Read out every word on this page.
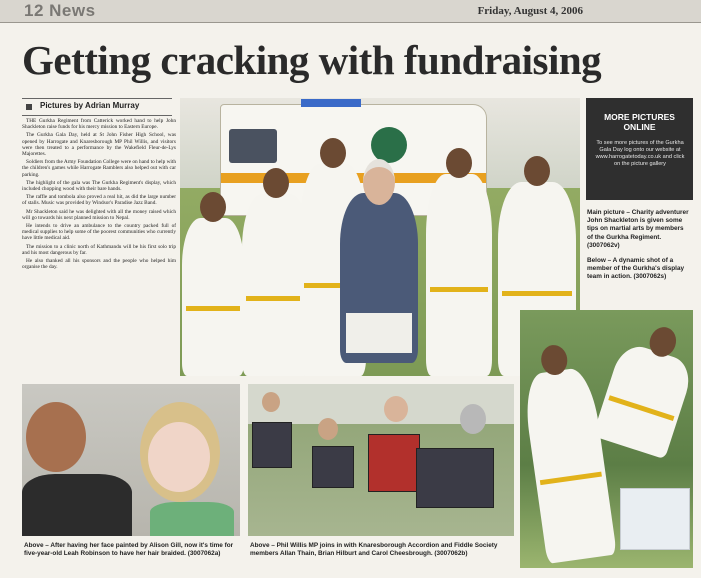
12 News	Friday, August 4, 2006
Getting cracking with fundraising
Pictures by Adrian Murray

THE Gurkha Regiment from Catterick worked hand to help John Shackleton raise funds for his mercy mission to Eastern Europe.

The Gurkha Gala Day, held at St John Fisher High School, was opened by Harrogate and Knaresborough MP Phil Willis, and visitors were then treated to a performance by the Wakefield Fleur-de-Lys Majorettes.

Soldiers from the Army Foundation College were on hand to help with the children's games while Harrogate Ramblers also helped out with car parking.

The highlight of the gala was The Gurkha Regiment's display, which included chopping wood with their bare hands.

The raffle and tombola also proved a real hit, as did the large number of stalls. Music was provided by Windsor's Paradise Jazz Band.

Mr Shackleton said he was delighted with all the money raised which will go towards his next planned mission to Nepal.

He intends to drive an ambulance to the country packed full of medical supplies to help some of the poorest communities who currently have little medical aid.

The mission to a clinic north of Kathmandu will be his first solo trip and his most dangerous by far.

He also thanked all his sponsors and the people who helped him organise the day.

MORE PICTURES
ONLINE
To see more pictures of the Gurkha Gala Day log onto our website at www.harrogatetoday.co.uk and click on the picture gallery

Main picture – Charity adventurer John Shackleton is given some tips on martial arts by members of the Gurkha Regiment. (3007062v)

Below – A dynamic shot of a member of the Gurkha's display team in action. (3007062s)

Above – After having her face painted by Alison Gill, now it's time for five-year-old Leah Robinson to have her hair braided. (3007062a)
Above – Phil Willis MP joins in with Knaresborough Accordion and Fiddle Society members Allan Thain, Brian Hilburt and Carol Cheesbrough. (3007062b)
